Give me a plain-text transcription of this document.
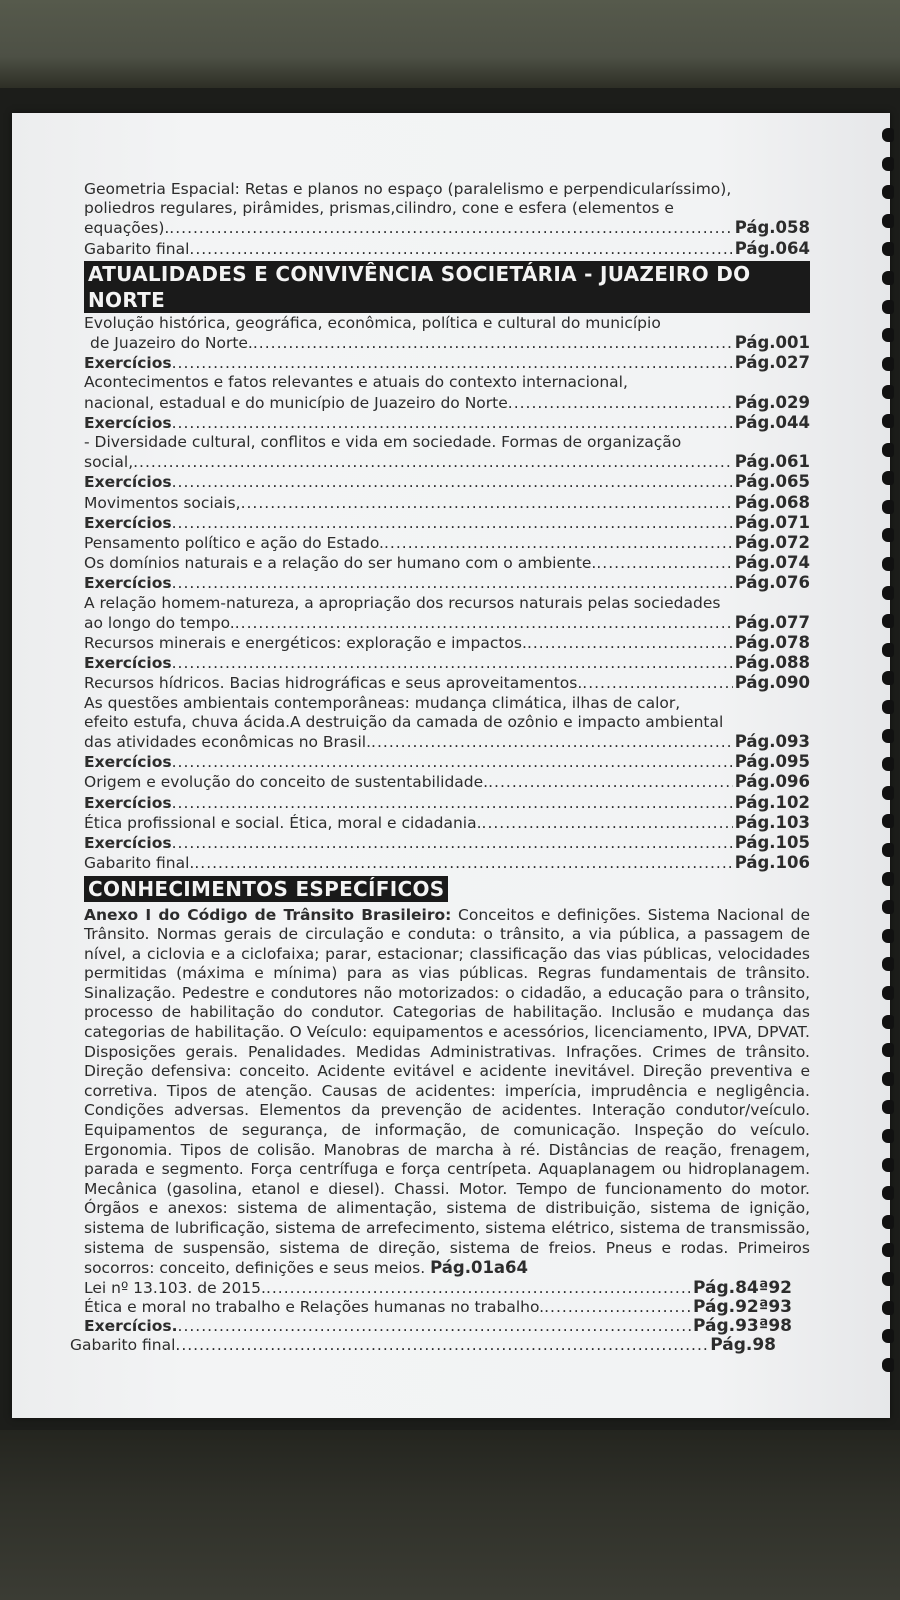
Geometria Espacial: Retas e planos no espaço (paralelismo e perpendicularíssimo),
poliedros regulares, pirâmides, prismas,cilindro, cone e esfera (elementos e
equações). .....	Pág.058
Gabarito final .....	Pág.064
ATUALIDADES E CONVIVÊNCIA SOCIETÁRIA - JUAZEIRO DO NORTE
Evolução histórica, geográfica, econômica, política e cultural do município
de Juazeiro do Norte. .....	Pág.001
Exercícios .....	Pág.027
Acontecimentos e fatos relevantes e atuais do contexto internacional,
nacional, estadual e do município de Juazeiro do Norte .....	Pág.029
Exercícios .....	Pág.044
- Diversidade cultural, conflitos e vida em sociedade. Formas de organização
social, .....	Pág.061
Exercícios .....	Pág.065
Movimentos sociais, .....	Pág.068
Exercícios .....	Pág.071
Pensamento político e ação do Estado. .....	Pág.072
Os domínios naturais e a relação do ser humano com o ambiente. .....	Pág.074
Exercícios .....	Pág.076
A relação homem-natureza, a apropriação dos recursos naturais pelas sociedades
ao longo do tempo. .....	Pág.077
Recursos minerais e energéticos: exploração e impactos. .....	Pág.078
Exercícios .....	Pág.088
Recursos hídricos. Bacias hidrográficas e seus aproveitamentos. .....	Pág.090
As questões ambientais contemporâneas: mudança climática, ilhas de calor,
efeito estufa, chuva ácida.A destruição da camada de ozônio e impacto ambiental
das atividades econômicas no Brasil. .....	Pág.093
Exercícios .....	Pág.095
Origem e evolução do conceito de sustentabilidade. .....	Pág.096
Exercícios .....	Pág.102
Ética profissional e social. Ética, moral e cidadania. .....	Pág.103
Exercícios .....	Pág.105
Gabarito final. .....	Pág.106
CONHECIMENTOS ESPECÍFICOS
Anexo I do Código de Trânsito Brasileiro: Conceitos e definições. Sistema Nacional de Trânsito. Normas gerais de circulação e conduta: o trânsito, a via pública, a passagem de nível, a ciclovia e a ciclofaixa; parar, estacionar; classificação das vias públicas, velocidades permitidas (máxima e mínima) para as vias públicas. Regras fundamentais de trânsito. Sinalização. Pedestre e condutores não motorizados: o cidadão, a educação para o trânsito, processo de habilitação do condutor. Categorias de habilitação. Inclusão e mudança das categorias de habilitação. O Veículo: equipamentos e acessórios, licenciamento, IPVA, DPVAT. Disposições gerais. Penalidades. Medidas Administrativas. Infrações. Crimes de trânsito. Direção defensiva: conceito. Acidente evitável e acidente inevitável. Direção preventiva e corretiva. Tipos de atenção. Causas de acidentes: imperícia, imprudência e negligência. Condições adversas. Elementos da prevenção de acidentes. Interação condutor/veículo. Equipamentos de segurança, de informação, de comunicação. Inspeção do veículo. Ergonomia. Tipos de colisão. Manobras de marcha à ré. Distâncias de reação, frenagem, parada e segmento. Força centrífuga e força centrípeta. Aquaplanagem ou hidroplanagem. Mecânica (gasolina, etanol e diesel). Chassi. Motor. Tempo de funcionamento do motor. Órgãos e anexos: sistema de alimentação, sistema de distribuição, sistema de ignição, sistema de lubrificação, sistema de arrefecimento, sistema elétrico, sistema de transmissão, sistema de suspensão, sistema de direção, sistema de freios. Pneus e rodas. Primeiros socorros: conceito, definições e seus meios. Pág.01a64
Lei nº 13.103. de 2015. .....	Pág.84ª92
Ética e moral no trabalho e Relações humanas no trabalho. .....	Pág.92ª93
Exercícios. .....	Pág.93ª98
Gabarito final .....	Pág.98
